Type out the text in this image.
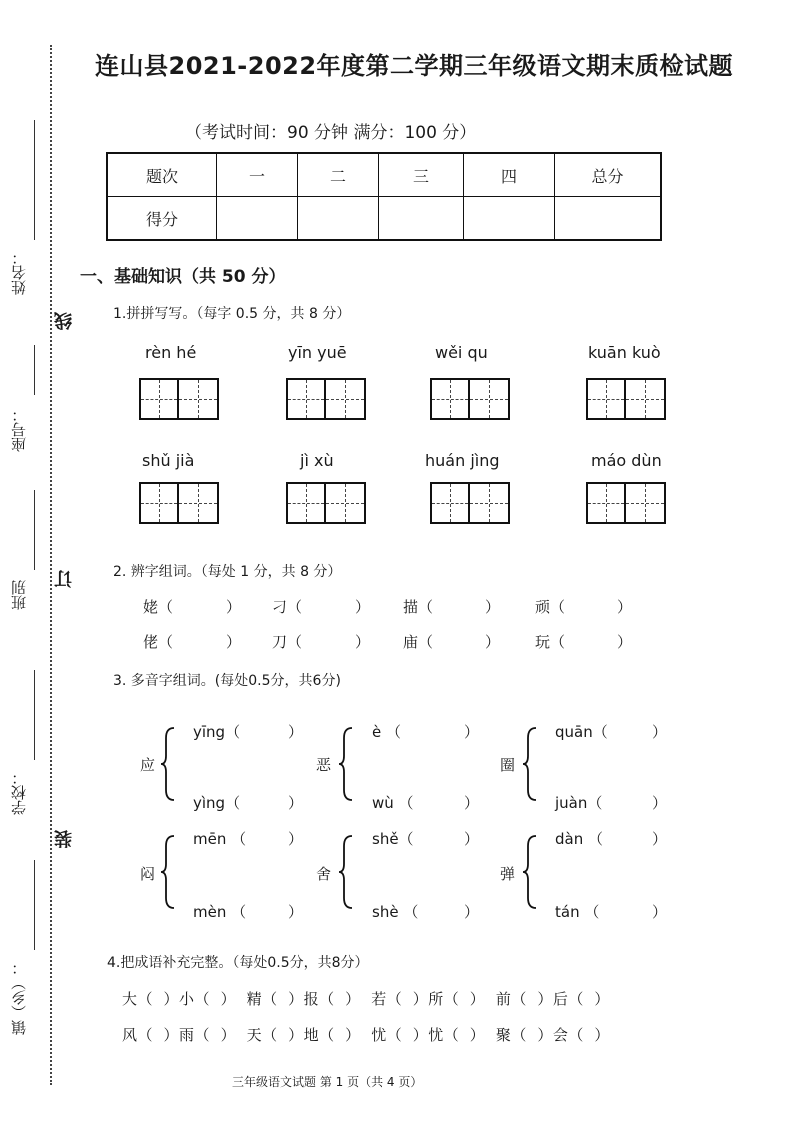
姓名：
座号：
班别
学校：
镇（乡）：
线
订
装
连山县2021-2022年度第二学期三年级语文期末质检试题
（考试时间：90 分钟 满分：100 分）
题次	一	二	三	四	总分
得分					
一、基础知识（共 50 分）
1.拼拼写写。（每字 0.5 分，共 8 分）
rèn hé	yīn yuē	wěi qu	kuān kuò
shǔ jià	jì xù	huán jìng	máo dùn
2. 辨字组词。（每处 1 分，共 8 分）
姥（	） 刁（	） 描（	） 顽（	）
佬（	） 刀（	） 庙（	） 玩（	）
3. 多音字组词。(每处0.5分，共6分)
应
yīng（	）
yìng（	）
恶
è （	）
wù （	）
圈
quān（	）
juàn（	）
闷
mēn （	）
mèn （	）
舍
shě（	）
shè （	）
弹
dàn （	）
tán （	）
4.把成语补充完整。（每处0.5分，共8分）
大（  ）小（  ）  精（  ）报（  ）  若（  ）所（  ）  前（  ）后（  ）
风（  ）雨（  ）  天（  ）地（  ）  忧（  ）忧（  ）  聚（  ）会（  ）
三年级语文试题 第 1 页（共 4 页）
